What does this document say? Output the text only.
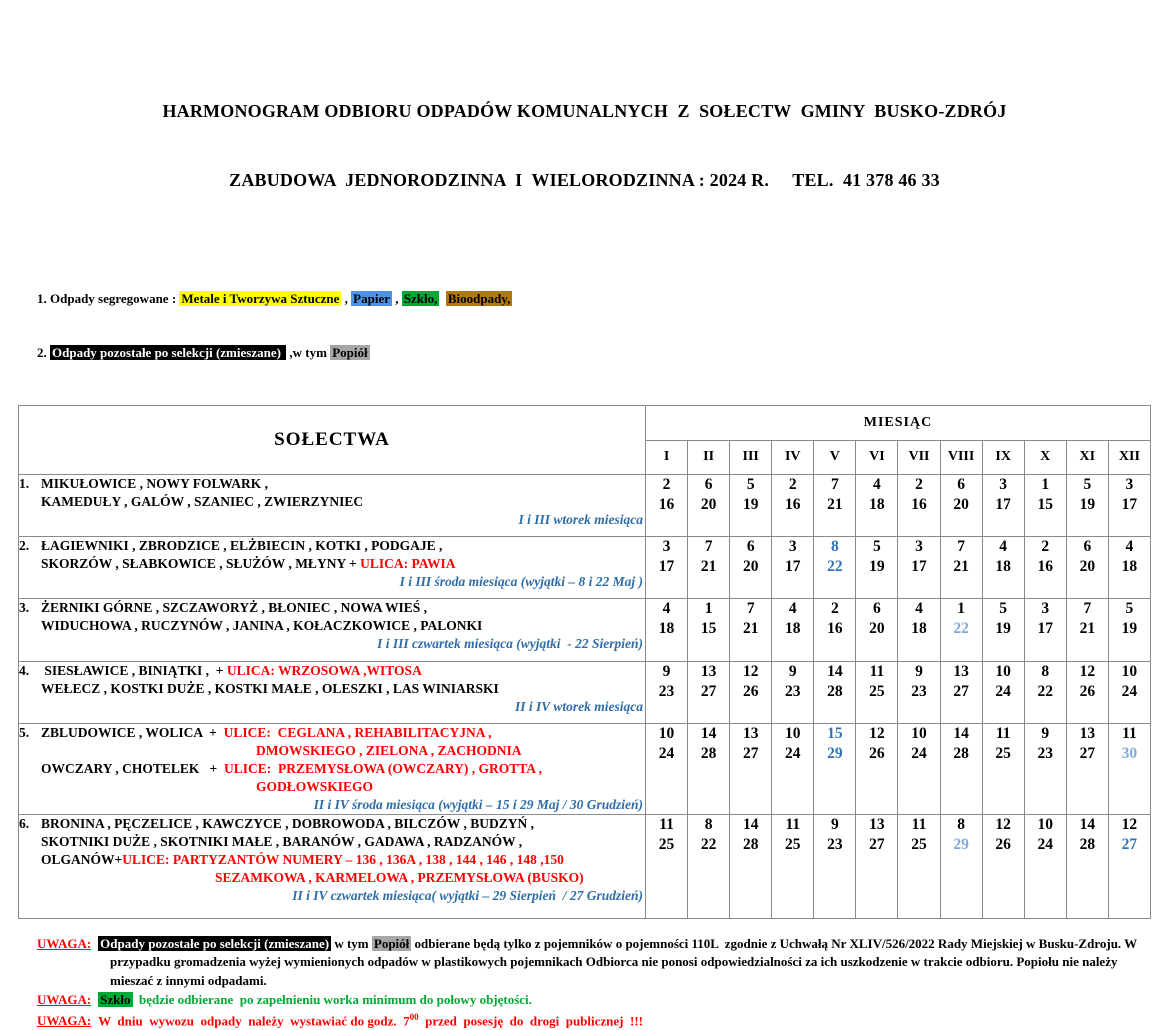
HARMONOGRAM ODBIORU ODPADÓW KOMUNALNYCH  Z  SOŁECTW  GMINY  BUSKO-ZDRÓJ

ZABUDOWA  JEDNORODZINNA  I  WIELORODZINNA : 2024 R.     TEL.  41 378 46 33

1. Odpady segregowane : Metale i Tworzywa Sztuczne , Papier , Szkło, Bioodpady,

2. Odpady pozostałe po selekcji (zmieszane)  ,w tym Popiół

SOŁECTWA	MIESIĄC											
	I	II	III	IV	V	VI	VII	VIII	IX	X	XI	XII

1. MIKUŁOWICE , NOWY FOLWARK ,
KAMEDUŁY , GALÓW , SZANIEC , ZWIERZYNIEC
I i III wtorek miesiąca

2
16

6
20

5
19

2
16

7
21

4
18

2
16

6
20

3
17

1
15

5
19

3
17

2. ŁAGIEWNIKI , ZBRODZICE , ELŻBIECIN , KOTKI , PODGAJE ,
SKORZÓW , SŁABKOWICE , SŁUŻÓW , MŁYNY + ULICA: PAWIA
I i III środa miesiąca (wyjątki – 8 i 22 Maj )

3
17

7
21

6
20

3
17

8
22

5
19

3
17

7
21

4
18

2
16

6
20

4
18

3. ŻERNIKI GÓRNE , SZCZAWORYŻ , BŁONIEC , NOWA WIEŚ ,
WIDUCHOWA , RUCZYNÓW , JANINA , KOŁACZKOWICE , PALONKI
I i III czwartek miesiąca (wyjątki  - 22 Sierpień)

4
18

1
15

7
21

4
18

2
16

6
20

4
18

1
22

5
19

3
17

7
21

5
19

4. SIESŁAWICE , BINIĄTKI ,  + ULICA: WRZOSOWA ,WITOSA
WEŁECZ , KOSTKI DUŻE , KOSTKI MAŁE , OLESZKI , LAS WINIARSKI
II i IV wtorek miesiąca

9
23

13
27

12
26

9
23

14
28

11
25

9
23

13
27

10
24

8
22

12
26

10
24

5. ZBLUDOWICE , WOLICA  +  ULICE:  CEGLANA , REHABILITACYJNA ,
DMOWSKIEGO , ZIELONA , ZACHODNIA
OWCZARY , CHOTELEK   +  ULICE:  PRZEMYSŁOWA (OWCZARY) , GROTTA ,
GODŁOWSKIEGO
II i IV środa miesiąca (wyjątki – 15 i 29 Maj / 30 Grudzień)

10
24

14
28

13
27

10
24

15
29

12
26

10
24

14
28

11
25

9
23

13
27

11
30

6. BRONINA , PĘCZELICE , KAWCZYCE , DOBROWODA , BILCZÓW , BUDZYŃ ,
SKOTNIKI DUŻE , SKOTNIKI MAŁE , BARANÓW , GADAWA , RADZANÓW ,
OLGANÓW+ULICE: PARTYZANTÓW NUMERY – 136 , 136A , 138 , 144 , 146 , 148 ,150
SEZAMKOWA , KARMELOWA , PRZEMYSŁOWA (BUSKO)
II i IV czwartek miesiąca( wyjątki – 29 Sierpień  / 27 Grudzień)

11
25

8
22

14
28

11
25

9
23

13
27

11
25

8
29

12
26

10
24

14
28

12
27
UWAGA: Odpady pozostałe po selekcji (zmieszane) w tym Popiół odbierane będą tylko z pojemników o pojemności 110L  zgodnie z Uchwałą Nr XLIV/526/2022 Rady Miejskiej w Busku-Zdroju. W przypadku gromadzenia wyżej wymienionych odpadów w plastikowych pojemnikach Odbiorca nie ponosi odpowiedzialności za ich uszkodzenie w trakcie odbioru. Popiołu nie należy mieszać z innymi odpadami.
UWAGA: Szkło  będzie odbierane  po zapełnieniu worka minimum do połowy objętości.
UWAGA: W  dniu  wywozu  odpady  należy  wystawiać do godz.  $7^{00}$  przed  posesję  do  drogi  publicznej  !!!
